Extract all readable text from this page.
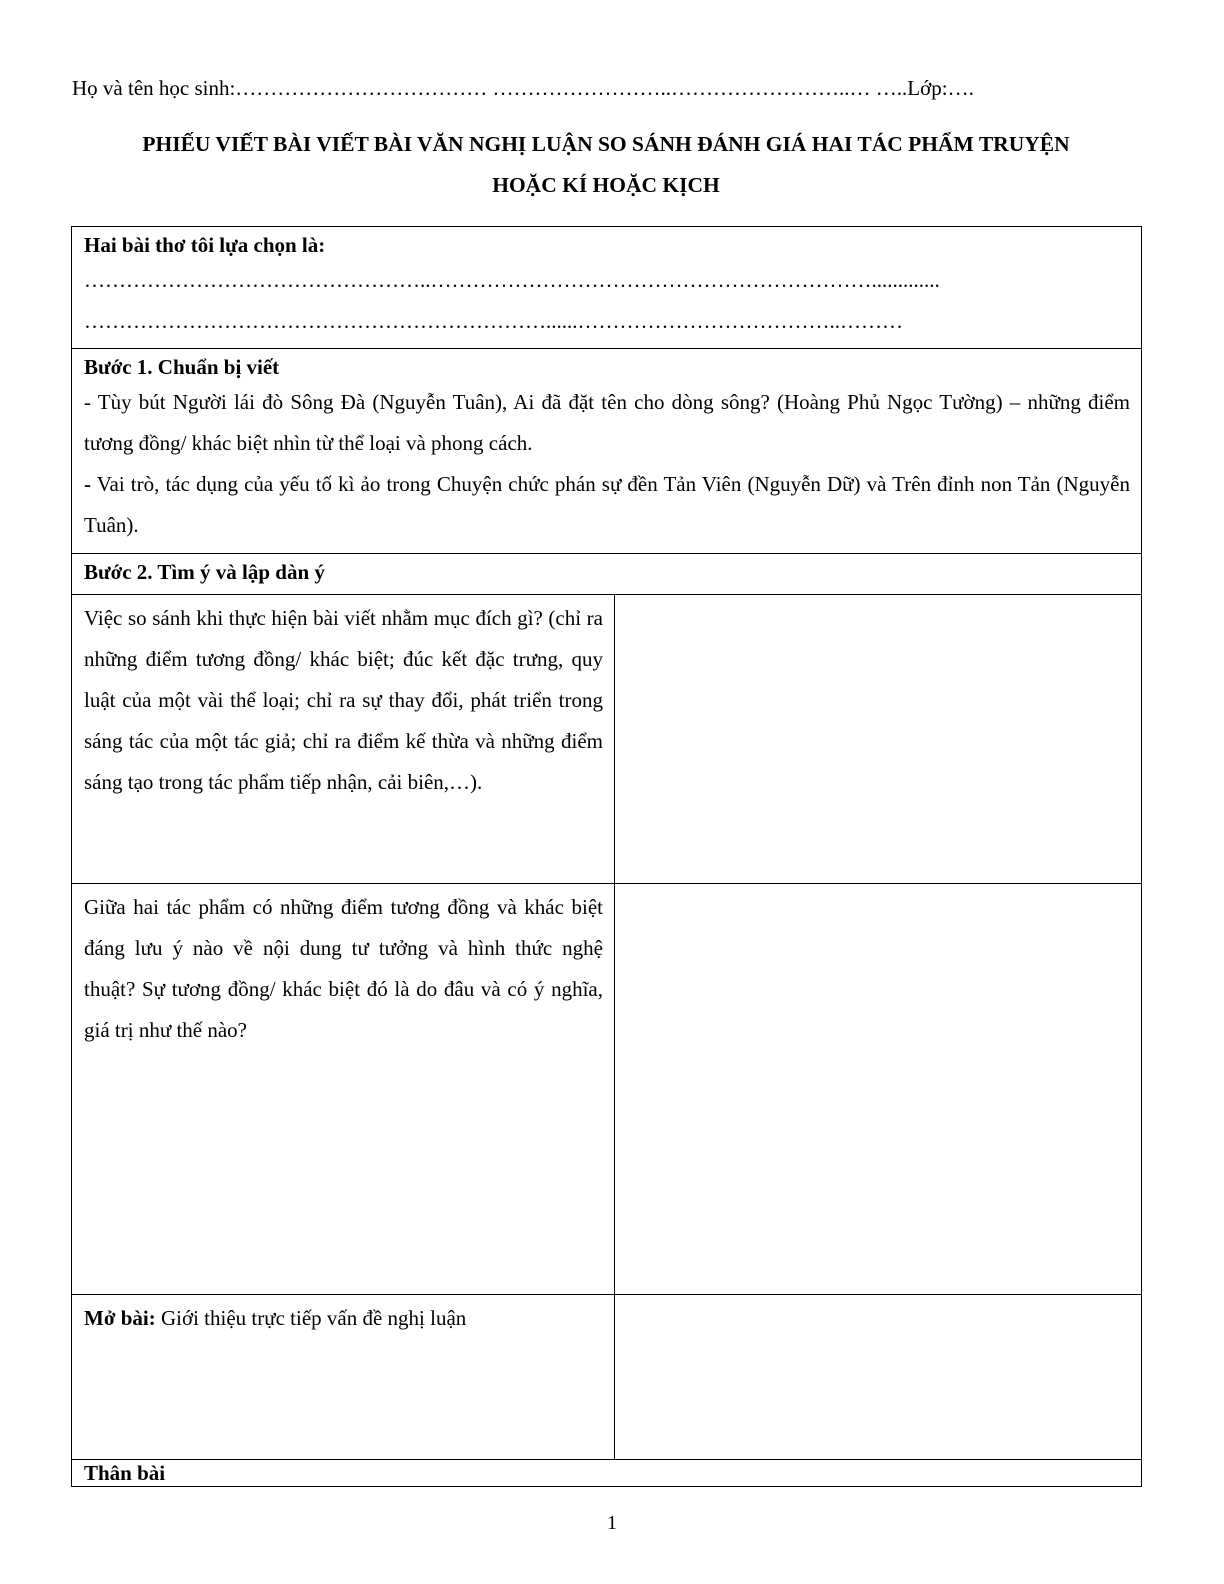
Họ và tên học sinh:……………………………… ……………………..……………………..… …..Lớp:….
PHIẾU VIẾT BÀI VIẾT BÀI VĂN NGHỊ LUẬN SO SÁNH ĐÁNH GIÁ HAI TÁC PHẨM TRUYỆN
HOẶC KÍ HOẶC KỊCH
Hai bài thơ tôi lựa chọn là:
…………………………………………..……………………………………………………….............
…………………………………………………………......………………………………..………	

Bước 1. Chuẩn bị viết
- Tùy bút Người lái đò Sông Đà (Nguyễn Tuân), Ai đã đặt tên cho dòng sông? (Hoàng Phủ Ngọc Tường) – những điểm tương đồng/ khác biệt nhìn từ thể loại và phong cách.
- Vai trò, tác dụng của yếu tố kì ảo trong Chuyện chức phán sự đền Tản Viên (Nguyễn Dữ) và Trên đỉnh non Tản (Nguyễn Tuân).	

Bước 2. Tìm ý và lập dàn ý	
Việc so sánh khi thực hiện bài viết nhằm mục đích gì? (chỉ ra những điểm tương đồng/ khác biệt; đúc kết đặc trưng, quy luật của một vài thể loại; chỉ ra sự thay đổi, phát triển trong sáng tác của một tác giả; chỉ ra điểm kế thừa và những điểm sáng tạo trong tác phẩm tiếp nhận, cải biên,…).	
Giữa hai tác phẩm có những điểm tương đồng và khác biệt đáng lưu ý nào về nội dung tư tưởng và hình thức nghệ thuật? Sự tương đồng/ khác biệt đó là do đâu và có ý nghĩa, giá trị như thế nào?	
Mở bài: Giới thiệu trực tiếp vấn đề nghị luận	
Thân bài	
1
